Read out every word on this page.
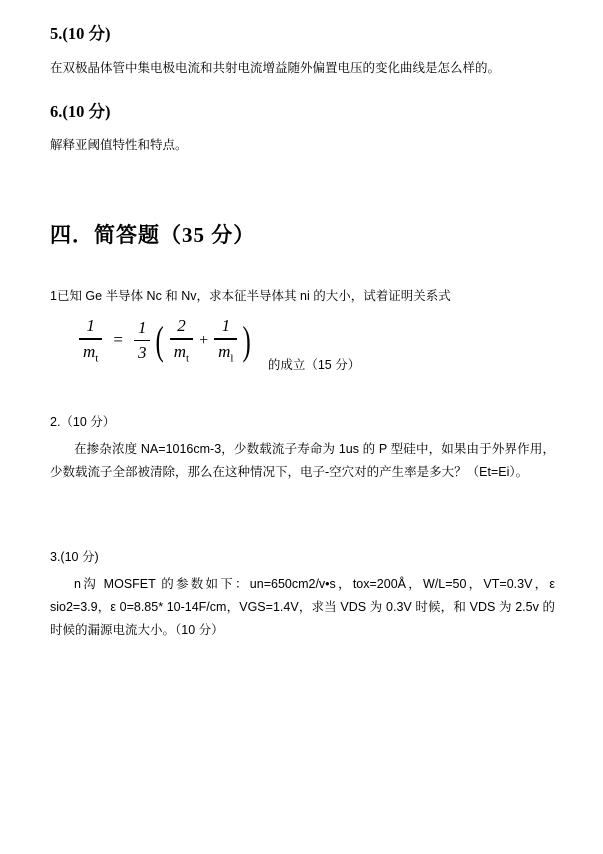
5.(10 分)
在双极晶体管中集电极电流和共射电流增益随外偏置电压的变化曲线是怎么样的。
6.(10 分)
解释亚阈值特性和特点。
四．简答题（35 分）
1已知 Ge 半导体 Nc 和 Nv，求本征半导体其 ni 的大小，试着证明关系式
$\frac{1}{m_t} = \frac{1}{3}$ ( $\frac{2}{m_t} + \frac{1}{m_l}$ )
的成立（15 分）
2.（10 分）
在掺杂浓度 NA=1016cm-3，少数载流子寿命为 1us 的 P 型硅中，如果由于外界作用，少数载流子全部被清除，那么在这种情况下，电子-空穴对的产生率是多大？（Et=Ei）。
3.(10 分)
n沟 MOSFET 的参数如下：un=650cm2/v•s，tox=200Å，W/L=50，VT=0.3V，ε sio2=3.9，ε 0=8.85* 10-14F/cm，VGS=1.4V，求当 VDS 为 0.3V 时候，和 VDS 为 2.5v 的时候的漏源电流大小。（10 分）
